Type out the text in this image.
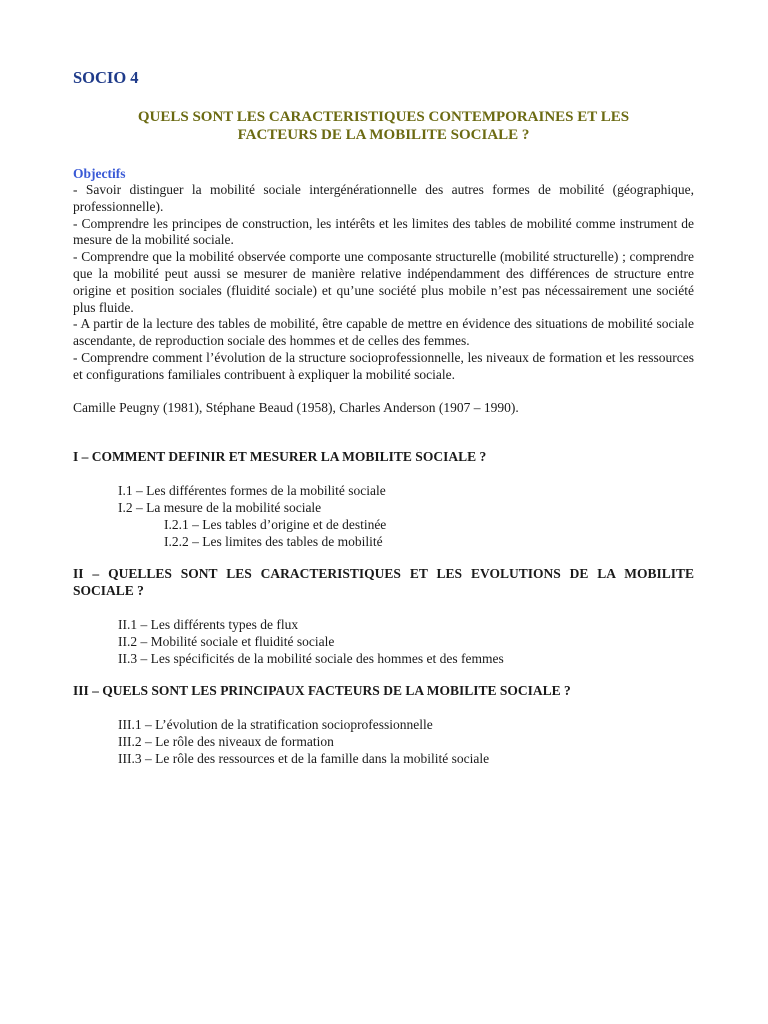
SOCIO 4
QUELS SONT LES CARACTERISTIQUES CONTEMPORAINES ET LES
FACTEURS DE LA MOBILITE SOCIALE ?
Objectifs

- Savoir distinguer la mobilité sociale intergénérationnelle des autres formes de mobilité (géographique, professionnelle).

- Comprendre les principes de construction, les intérêts et les limites des tables de mobilité comme instrument de mesure de la mobilité sociale.

- Comprendre que la mobilité observée comporte une composante structurelle (mobilité structurelle) ; comprendre que la mobilité peut aussi se mesurer de manière relative indépendamment des différences de structure entre origine et position sociales (fluidité sociale) et qu’une société plus mobile n’est pas nécessairement une société plus fluide.

- A partir de la lecture des tables de mobilité, être capable de mettre en évidence des situations de mobilité sociale ascendante, de reproduction sociale des hommes et de celles des femmes.

- Comprendre comment l’évolution de la structure socioprofessionnelle, les niveaux de formation et les ressources et configurations familiales contribuent à expliquer la mobilité sociale.

Camille Peugny (1981), Stéphane Beaud (1958), Charles Anderson (1907 – 1990).

I – COMMENT DEFINIR ET MESURER LA MOBILITE SOCIALE ?
I.1 – Les différentes formes de la mobilité sociale
I.2 – La mesure de la mobilité sociale
I.2.1 – Les tables d’origine et de destinée
I.2.2 – Les limites des tables de mobilité
II – QUELLES SONT LES CARACTERISTIQUES ET LES EVOLUTIONS DE LA MOBILITE SOCIALE ?
II.1 – Les différents types de flux
II.2 – Mobilité sociale et fluidité sociale
II.3 – Les spécificités de la mobilité sociale des hommes et des femmes
III – QUELS SONT LES PRINCIPAUX FACTEURS DE LA MOBILITE SOCIALE ?
III.1 – L’évolution de la stratification socioprofessionnelle
III.2 – Le rôle des niveaux de formation
III.3 – Le rôle des ressources et de la famille dans la mobilité sociale
